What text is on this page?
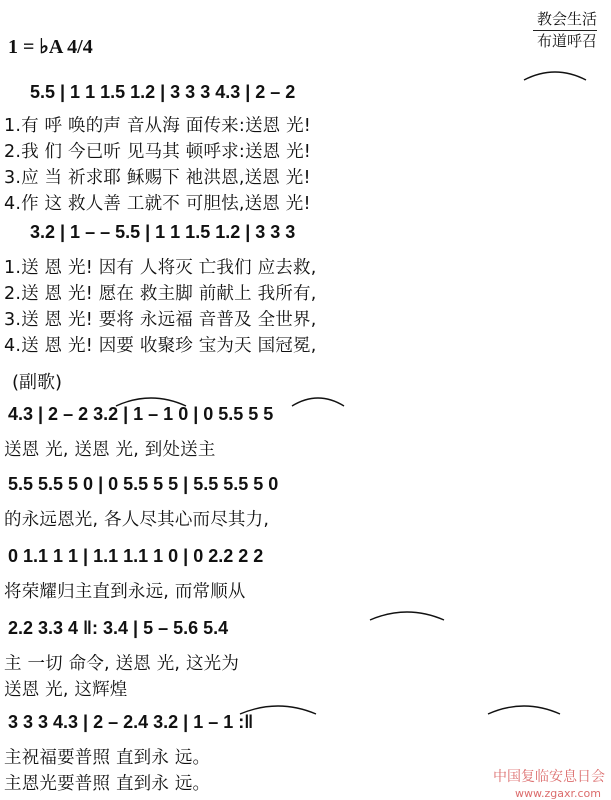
1 = ♭A 4/4
教会生活
布道呼召
5.5 | 1 1 1.5 1.2 | 3 3 3 4.3 | 2 – 2
1.有 呼 唤的声 音从海 面传来:送恩 光!
2.我 们 今已听 见马其 顿呼求:送恩 光!
3.应 当 祈求耶 稣赐下 祂洪恩,送恩 光!
4.作 这 救人善 工就不 可胆怯,送恩 光!
3.2 | 1 – – 5.5 | 1 1 1.5 1.2 | 3 3 3
1.送 恩 光! 因有 人将灭 亡我们 应去救,
2.送 恩 光! 愿在 救主脚 前献上 我所有,
3.送 恩 光! 要将 永远福 音普及 全世界,
4.送 恩 光! 因要 收聚珍 宝为天 国冠冕,
(副歌)
4.3 | 2 – 2 3.2 | 1 – 1 0 | 0 5.5 5 5
送恩 光, 送恩 光, 到处送主
5.5 5.5 5 0 | 0 5.5 5 5 | 5.5 5.5 5 0
的永远恩光, 各人尽其心而尽其力,
0 1.1 1 1 | 1.1 1.1 1 0 | 0 2.2 2 2
将荣耀归主直到永远, 而常顺从
2.2 3.3 4 ‖: 3.4 | 5 – 5.6 5.4
主 一切 命令, 送恩 光, 这光为
送恩 光, 这辉煌
3 3 3 4.3 | 2 – 2.4 3.2 | 1 – 1 :‖
主祝福要普照 直到永 远。
主恩光要普照 直到永 远。	中国复临安息日会
www.zgaxr.com
